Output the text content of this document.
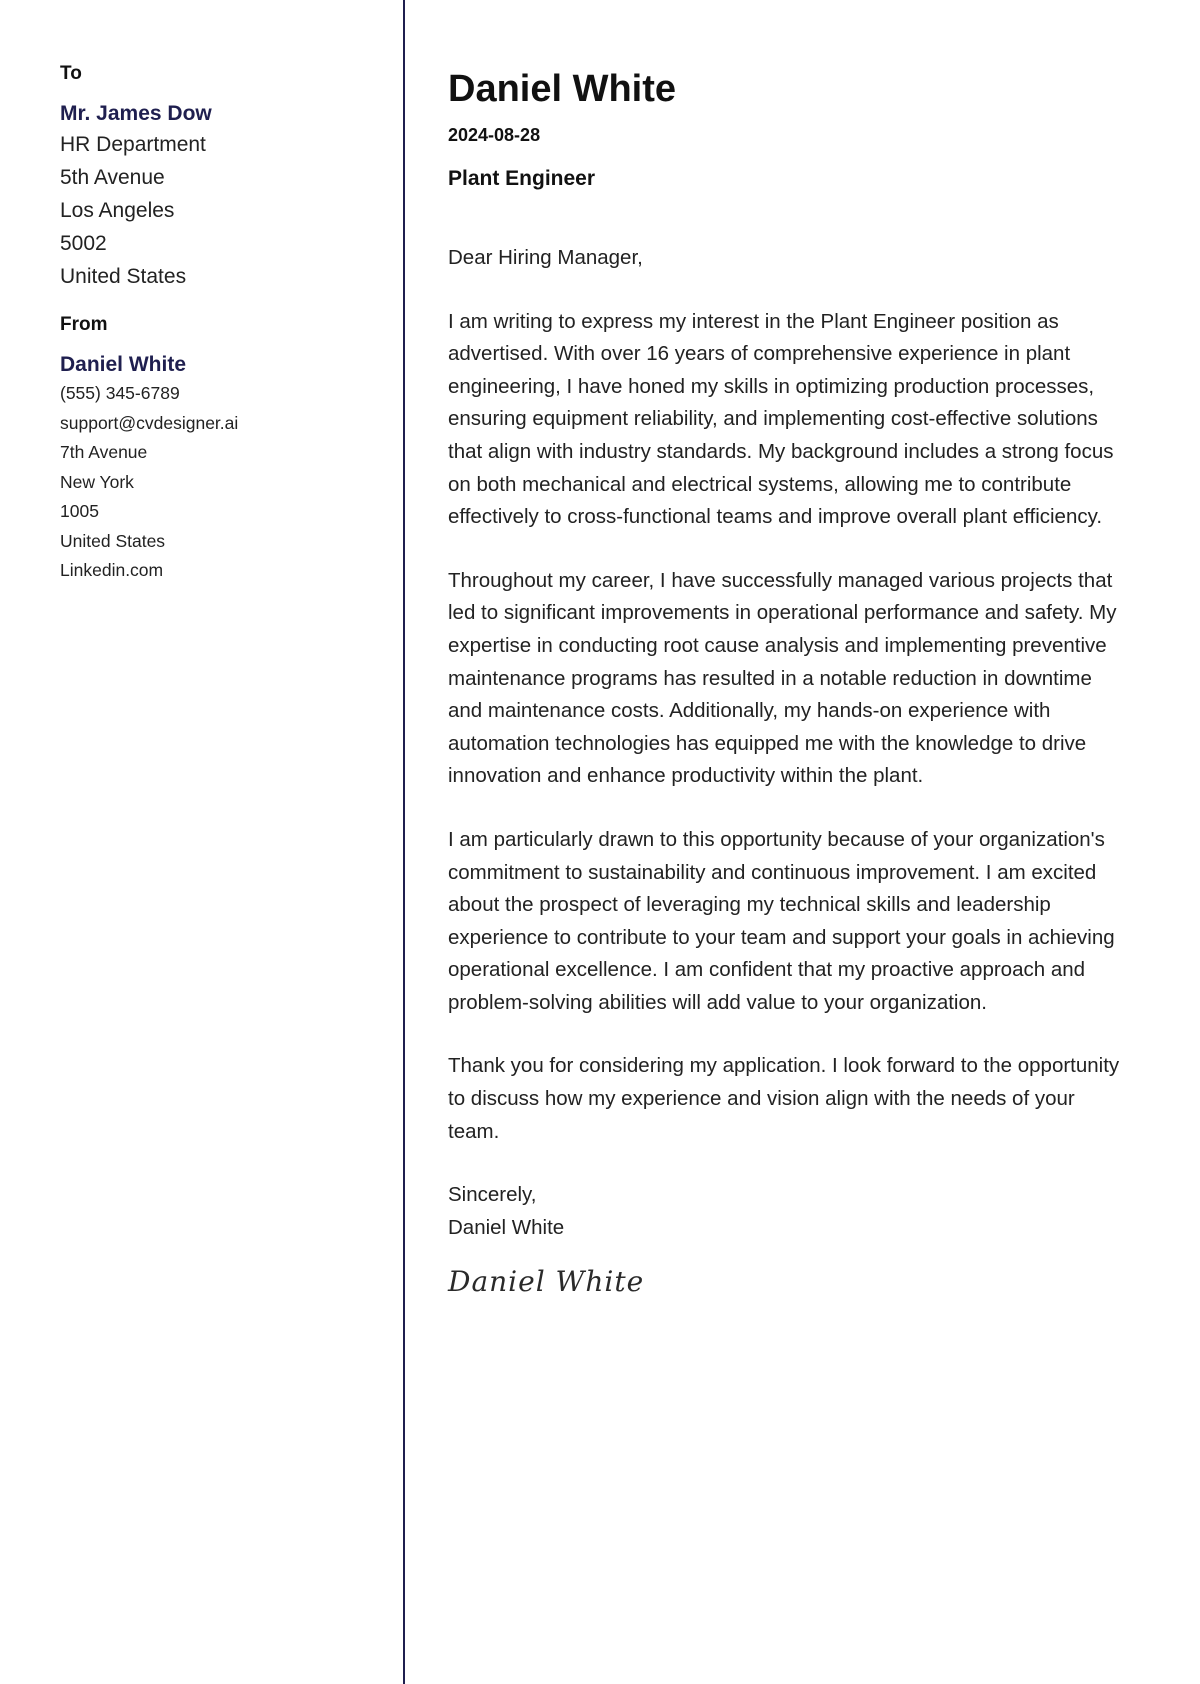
To
Mr. James Dow
HR Department
5th Avenue
Los Angeles
5002
United States
From
Daniel White
(555) 345-6789
support@cvdesigner.ai
7th Avenue
New York
1005
United States
Linkedin.com
Daniel White
2024-08-28
Plant Engineer
Dear Hiring Manager,
I am writing to express my interest in the Plant Engineer position as
advertised. With over 16 years of comprehensive experience in plant
engineering, I have honed my skills in optimizing production processes,
ensuring equipment reliability, and implementing cost-effective solutions
that align with industry standards. My background includes a strong focus
on both mechanical and electrical systems, allowing me to contribute
effectively to cross-functional teams and improve overall plant efficiency.
Throughout my career, I have successfully managed various projects that
led to significant improvements in operational performance and safety. My
expertise in conducting root cause analysis and implementing preventive
maintenance programs has resulted in a notable reduction in downtime
and maintenance costs. Additionally, my hands-on experience with
automation technologies has equipped me with the knowledge to drive
innovation and enhance productivity within the plant.
I am particularly drawn to this opportunity because of your organization's
commitment to sustainability and continuous improvement. I am excited
about the prospect of leveraging my technical skills and leadership
experience to contribute to your team and support your goals in achieving
operational excellence. I am confident that my proactive approach and
problem-solving abilities will add value to your organization.
Thank you for considering my application. I look forward to the opportunity
to discuss how my experience and vision align with the needs of your
team.
Sincerely,
Daniel White
Daniel White
